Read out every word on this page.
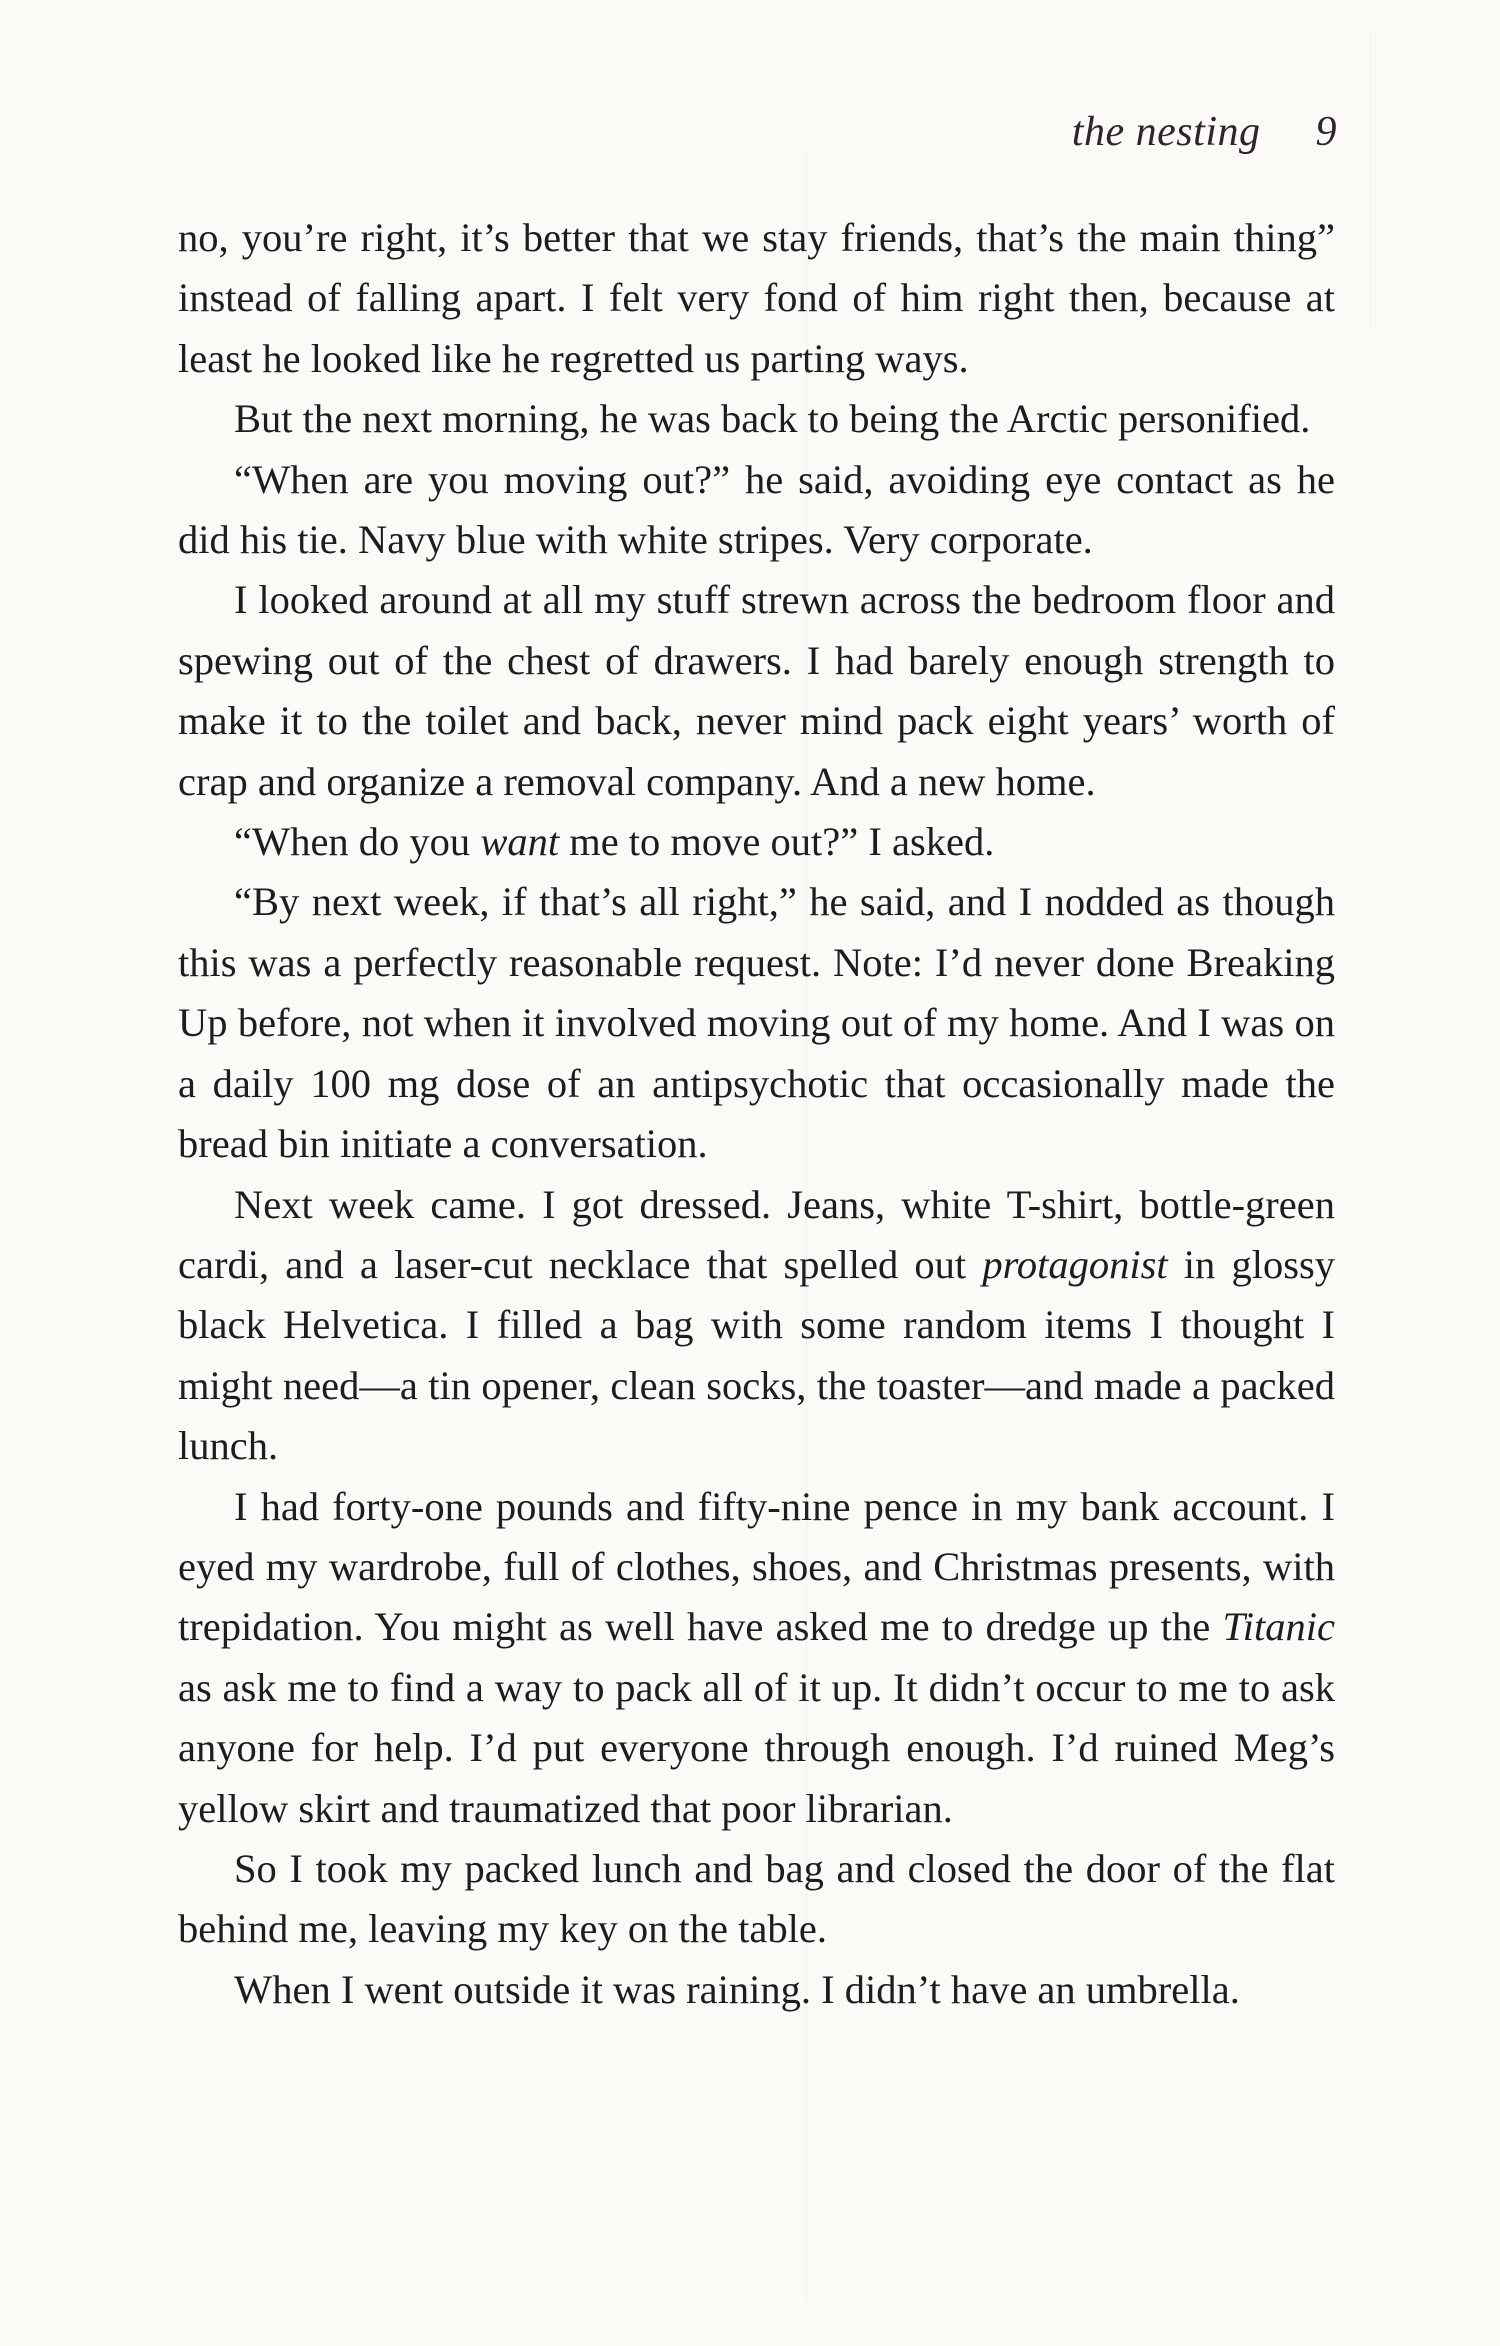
the nesting 9

no, you’re right, it’s better that we stay friends, that’s the main thing” instead of falling apart. I felt very fond of him right then, because at least he looked like he regretted us parting ways.

But the next morning, he was back to being the Arctic personified.

“When are you moving out?” he said, avoiding eye contact as he did his tie. Navy blue with white stripes. Very corporate.

I looked around at all my stuff strewn across the bedroom floor and spewing out of the chest of drawers. I had barely enough strength to make it to the toilet and back, never mind pack eight years’ worth of crap and organize a removal company. And a new home.

“When do you want me to move out?” I asked.

“By next week, if that’s all right,” he said, and I nodded as though this was a perfectly reasonable request. Note: I’d never done Breaking Up before, not when it involved moving out of my home. And I was on a daily 100 mg dose of an antipsychotic that occasionally made the bread bin initiate a conversation.

Next week came. I got dressed. Jeans, white T-shirt, bottle-green cardi, and a laser-cut necklace that spelled out protagonist in glossy black Helvetica. I filled a bag with some random items I thought I might need—a tin opener, clean socks, the toaster—and made a packed lunch.

I had forty-one pounds and fifty-nine pence in my bank account. I eyed my wardrobe, full of clothes, shoes, and Christmas presents, with trepidation. You might as well have asked me to dredge up the Titanic as ask me to find a way to pack all of it up. It didn’t occur to me to ask anyone for help. I’d put everyone through enough. I’d ruined Meg’s yellow skirt and traumatized that poor librarian.

So I took my packed lunch and bag and closed the door of the flat behind me, leaving my key on the table.

When I went outside it was raining. I didn’t have an umbrella.
